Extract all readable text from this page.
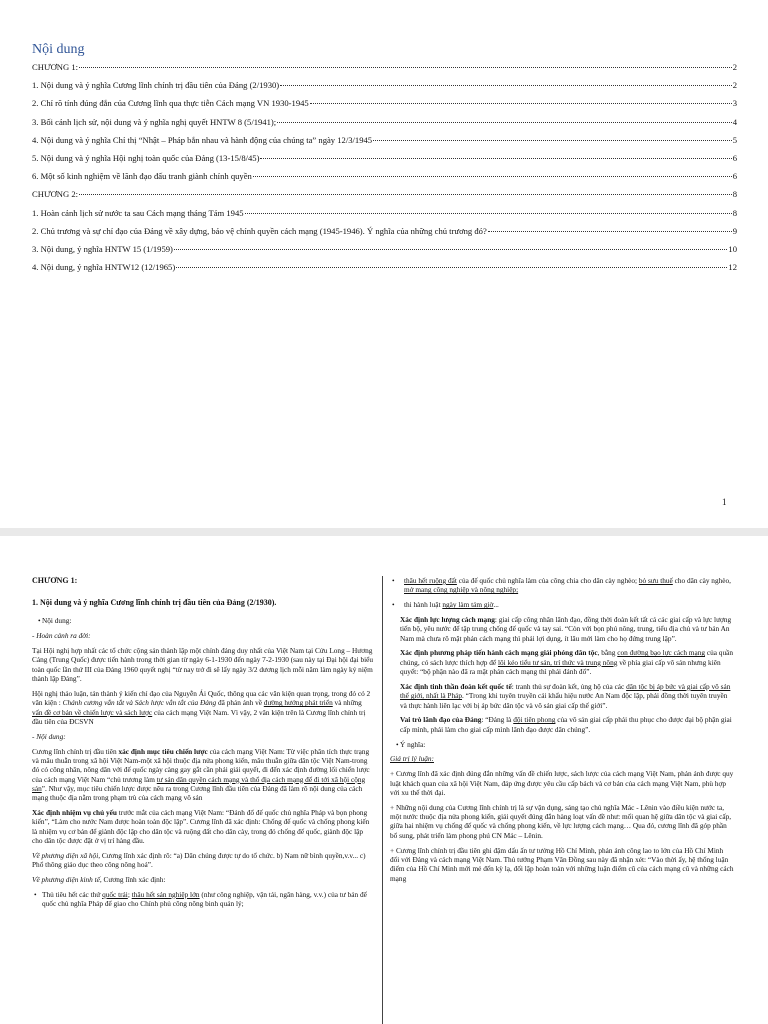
Nội dung
CHƯƠNG 1:	2
1. Nội dung và ý nghĩa Cương lĩnh chính trị đầu tiên của Đảng (2/1930)	2
2. Chỉ rõ tính đúng đắn của Cương lĩnh qua thực tiễn Cách mạng VN 1930-1945	3
3. Bối cảnh lịch sử, nội dung và ý nghĩa nghị quyết HNTW 8 (5/1941);	4
4. Nội dung và ý nghĩa Chỉ thị “Nhật – Pháp bắn nhau và hành động của chúng ta” ngày 12/3/1945	5
5. Nội dung và ý nghĩa Hội nghị toàn quốc của Đảng (13-15/8/45)	6
6. Một số kinh nghiệm về lãnh đạo đấu tranh giành chính quyền	6
CHƯƠNG 2:	8
1. Hoàn cảnh lịch sử nước ta sau Cách mạng tháng Tám 1945	8
2. Chủ trương và sự chỉ đạo của Đảng về xây dựng, bảo vệ chính quyền cách mạng (1945-1946). Ý nghĩa của những chủ trương đó?	9
3. Nội dung, ý nghĩa HNTW 15 (1/1959)	10
4. Nội dung, ý nghĩa HNTW12 (12/1965)	12
1

CHƯƠNG 1:

1. Nội dung và ý nghĩa Cương lĩnh chính trị đầu tiên của Đảng (2/1930).

• Nội dung:

- Hoàn cảnh ra đời:

Tại Hội nghị hợp nhất các tổ chức cộng sản thành lập một chính đảng duy nhất của Việt Nam tại Cửu Long – Hương Cảng (Trung Quốc) được tiến hành trong thời gian từ ngày 6-1-1930 đến ngày 7-2-1930 (sau này tại Đại hội đại biểu toàn quốc lần thứ III của Đảng 1960 quyết nghị “từ nay trở đi sẽ lấy ngày 3/2 dương lịch mỗi năm làm ngày kỷ niệm thành lập Đảng”.

Hội nghị thảo luận, tán thành ý kiến chỉ đạo của Nguyễn Ái Quốc, thông qua các văn kiện quan trọng, trong đó có 2 văn kiện : Chánh cương vắn tắt và Sách lược vắn tắt của Đảng đã phản ánh về đường hướng phát triển và những vấn đề cơ bản về chiến lược và sách lược của cách mạng Việt Nam. Vì vậy, 2 văn kiện trên là Cương lĩnh chính trị đầu tiên của ĐCSVN

- Nội dung:

Cương lĩnh chính trị đầu tiên xác định mục tiêu chiến lược của cách mạng Việt Nam: Từ việc phân tích thực trạng và mâu thuẫn trong xã hội Việt Nam-một xã hội thuộc địa nửa phong kiến, mâu thuẫn giữa dân tộc Việt Nam-trong đó có công nhân, nông dân với đế quốc ngày càng gay gắt cần phải giải quyết, đi đến xác định đường lối chiến lược của cách mạng Việt Nam “chủ trương làm tư sản dân quyền cách mạng và thổ địa cách mạng để đi tới xã hội cộng sản”. Như vậy, mục tiêu chiến lược được nêu ra trong Cương lĩnh đầu tiên của Đảng đã làm rõ nội dung của cách mạng thuộc địa nằm trong phạm trù của cách mạng vô sản

Xác định nhiệm vụ chủ yếu trước mắt của cách mạng Việt Nam: “Đánh đổ đế quốc chủ nghĩa Pháp và bọn phong kiến”, “Làm cho nước Nam được hoàn toàn độc lập”. Cương lĩnh đã xác định: Chống đế quốc và chống phong kiến là nhiệm vụ cơ bản để giành độc lập cho dân tộc và ruộng đất cho dân cày, trong đó chống đế quốc, giành độc lập cho dân tộc được đặt ở vị trí hàng đầu.

Về phương diện xã hội, Cương lĩnh xác định rõ: “a) Dân chúng được tự do tổ chức. b) Nam nữ bình quyền,v.v... c) Phổ thông giáo dục theo công nông hoá”.

Về phương diện kinh tế, Cương lĩnh xác định:

• Thủ tiêu hết các thứ quốc trái; thâu hết sản nghiệp lớn (như công nghiệp, vận tải, ngân hàng, v.v.) của tư bản đế quốc chủ nghĩa Pháp để giao cho Chính phủ công nông binh quản lý;

• thâu hết ruộng đất của đế quốc chủ nghĩa làm của công chia cho dân cày nghèo; bỏ sưu thuế cho dân cày nghèo, mở mang công nghiệp và nông nghiệp;

• thi hành luật ngày làm tám giờ...

Xác định lực lượng cách mạng: giai cấp công nhân lãnh đạo, đồng thời đoàn kết tất cả các giai cấp và lực lượng tiến bộ, yêu nước để tập trung chống đế quốc và tay sai. “Còn với bọn phú nông, trung, tiểu địa chủ và tư bản An Nam mà chưa rõ mặt phản cách mạng thì phải lợi dụng, ít lâu mới làm cho họ đứng trung lập”.

Xác định phương pháp tiến hành cách mạng giải phóng dân tộc, bằng con đường bạo lực cách mạng của quần chúng, có sách lược thích hợp để lôi kéo tiểu tư sản, trí thức và trung nông về phía giai cấp vô sản nhưng kiên quyết: “bộ phận nào đã ra mặt phản cách mạng thì phải đánh đổ”.

Xác định tinh thần đoàn kết quốc tế: tranh thủ sự đoàn kết, ủng hộ của các dân tộc bị áp bức và giai cấp vô sản thế giới, nhất là Pháp. “Trong khi tuyên truyền cái khẩu hiệu nước An Nam độc lập, phải đồng thời tuyên truyền và thực hành liên lạc với bị áp bức dân tộc và vô sản giai cấp thế giới”.

Vai trò lãnh đạo của Đảng: “Đảng là đội tiên phong của vô sản giai cấp phải thu phục cho được đại bộ phận giai cấp mình, phải làm cho giai cấp mình lãnh đạo được dân chúng”.

• Ý nghĩa:

Giá trị lý luận:

+ Cương lĩnh đã xác định đúng đắn những vấn đề chiến lược, sách lược của cách mạng Việt Nam, phản ánh được quy luật khách quan của xã hội Việt Nam, đáp ứng được yêu cầu cấp bách và cơ bản của cách mạng Việt Nam, phù hợp với xu thế thời đại.

+ Những nội dung của Cương lĩnh chính trị là sự vận dụng, sáng tạo chủ nghĩa Mác - Lênin vào điều kiện nước ta, một nước thuộc địa nửa phong kiến, giải quyết đúng đắn hàng loạt vấn đề như: mối quan hệ giữa dân tộc và giai cấp, giữa hai nhiệm vụ chống đế quốc và chống phong kiến, về lực lượng cách mạng… Qua đó, cương lĩnh đã góp phần bổ sung, phát triển làm phong phú CN Mác – Lênin.

+ Cương lĩnh chính trị đầu tiên ghi đậm dấu ấn tư tưởng Hồ Chí Minh, phản ánh công lao to lớn của Hồ Chí Minh đối với Đảng và cách mạng Việt Nam. Thủ tướng Phạm Văn Đồng sau này đã nhận xét: “Vào thời ấy, hệ thống luận điểm của Hồ Chí Minh mới mẻ đến kỳ lạ, đối lập hoàn toàn với những luận điểm cũ của cách mạng cũ và những cách mạng
